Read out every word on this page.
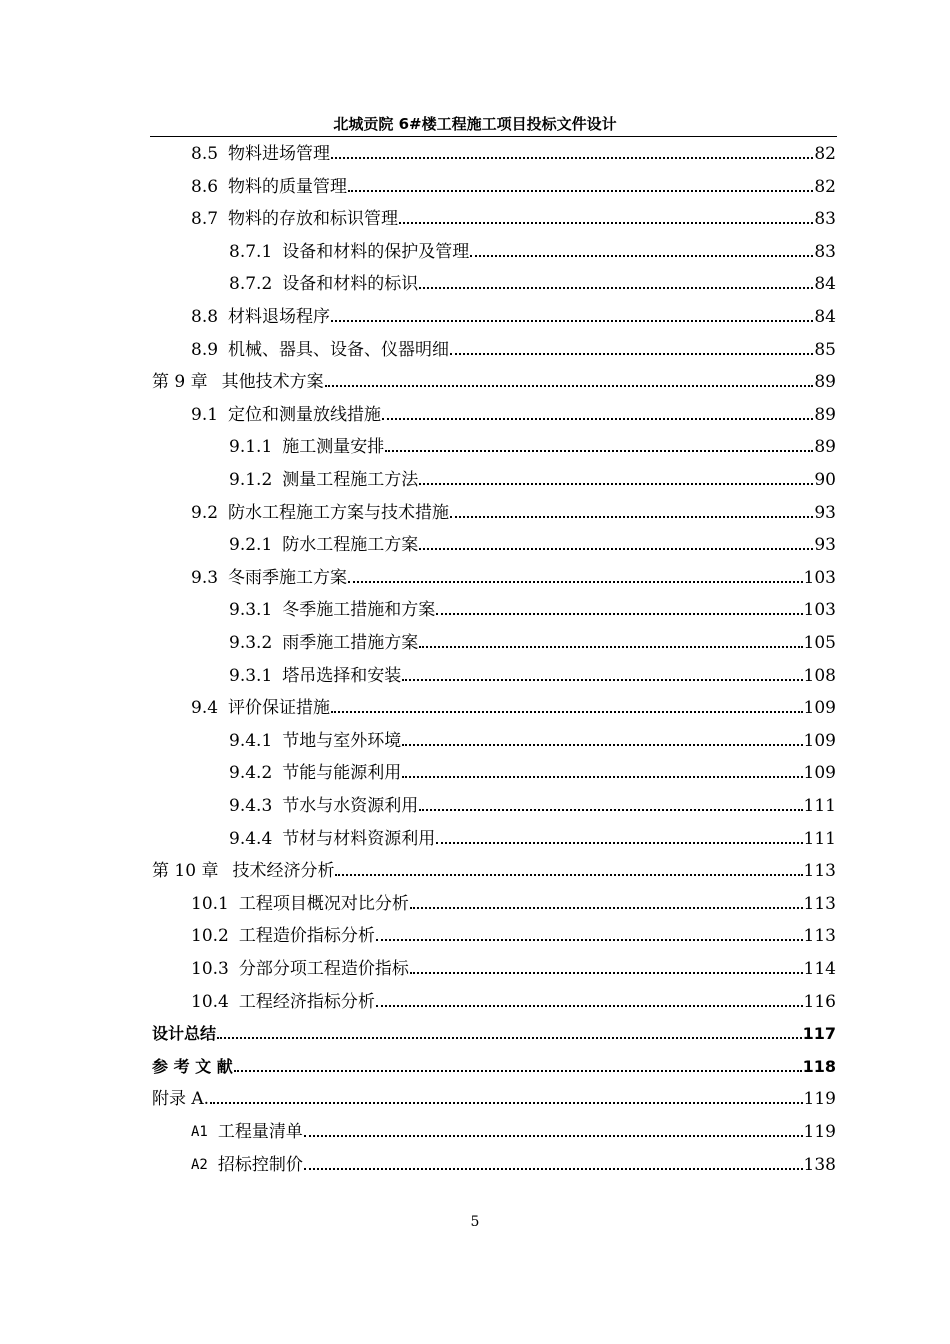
北城贡院 6#楼工程施工项目投标文件设计
8.5 物料进场管理	82
8.6 物料的质量管理	82
8.7 物料的存放和标识管理	83
8.7.1 设备和材料的保护及管理	83
8.7.2 设备和材料的标识	84
8.8 材料退场程序	84
8.9 机械、器具、设备、仪器明细	85
第 9 章 其他技术方案	89
9.1 定位和测量放线措施	89
9.1.1 施工测量安排	89
9.1.2 测量工程施工方法	90
9.2 防水工程施工方案与技术措施	93
9.2.1 防水工程施工方案	93
9.3 冬雨季施工方案	103
9.3.1 冬季施工措施和方案	103
9.3.2 雨季施工措施方案	105
9.3.1 塔吊选择和安装	108
9.4 评价保证措施	109
9.4.1 节地与室外环境	109
9.4.2 节能与能源利用	109
9.4.3 节水与水资源利用	111
9.4.4 节材与材料资源利用	111
第 10 章 技术经济分析	113
10.1 工程项目概况对比分析	113
10.2 工程造价指标分析	113
10.3 分部分项工程造价指标	114
10.4 工程经济指标分析	116
设计总结	117
参 考 文 献	118
附录 A.	119
A1 工程量清单	119
A2 招标控制价	138
5
